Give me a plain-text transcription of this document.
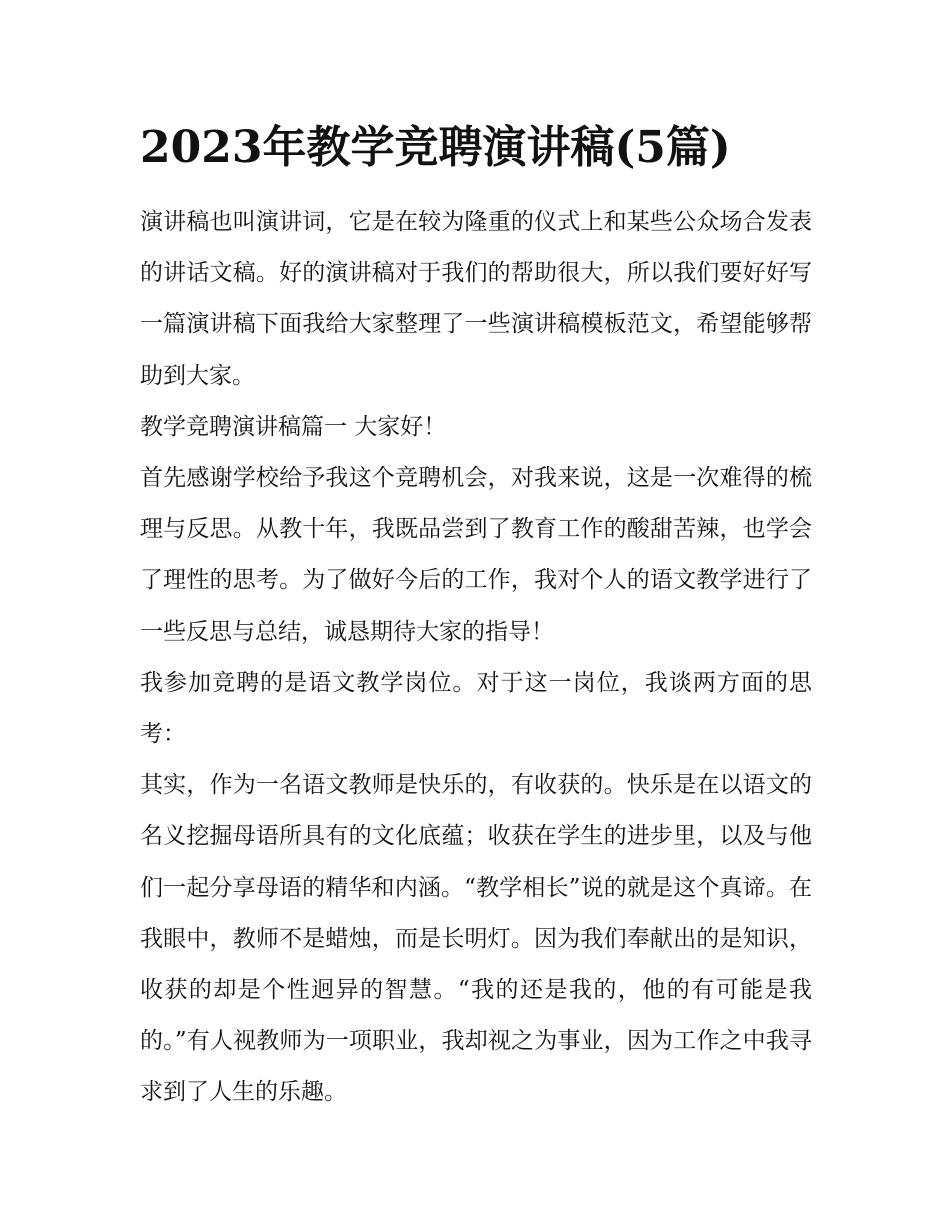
2023年教学竞聘演讲稿(5篇)

演讲稿也叫演讲词，它是在较为隆重的仪式上和某些公众场合发表的讲话文稿。好的演讲稿对于我们的帮助很大，所以我们要好好写一篇演讲稿下面我给大家整理了一些演讲稿模板范文，希望能够帮助到大家。

教学竞聘演讲稿篇一 大家好！

首先感谢学校给予我这个竞聘机会，对我来说，这是一次难得的梳理与反思。从教十年，我既品尝到了教育工作的酸甜苦辣，也学会了理性的思考。为了做好今后的工作，我对个人的语文教学进行了一些反思与总结，诚恳期待大家的指导！

我参加竞聘的是语文教学岗位。对于这一岗位，我谈两方面的思考：

其实，作为一名语文教师是快乐的，有收获的。快乐是在以语文的名义挖掘母语所具有的文化底蕴；收获在学生的进步里，以及与他们一起分享母语的精华和内涵。“教学相长”说的就是这个真谛。在我眼中，教师不是蜡烛，而是长明灯。因为我们奉献出的是知识，收获的却是个性迥异的智慧。“我的还是我的，他的有可能是我的。”有人视教师为一项职业，我却视之为事业，因为工作之中我寻求到了人生的乐趣。
